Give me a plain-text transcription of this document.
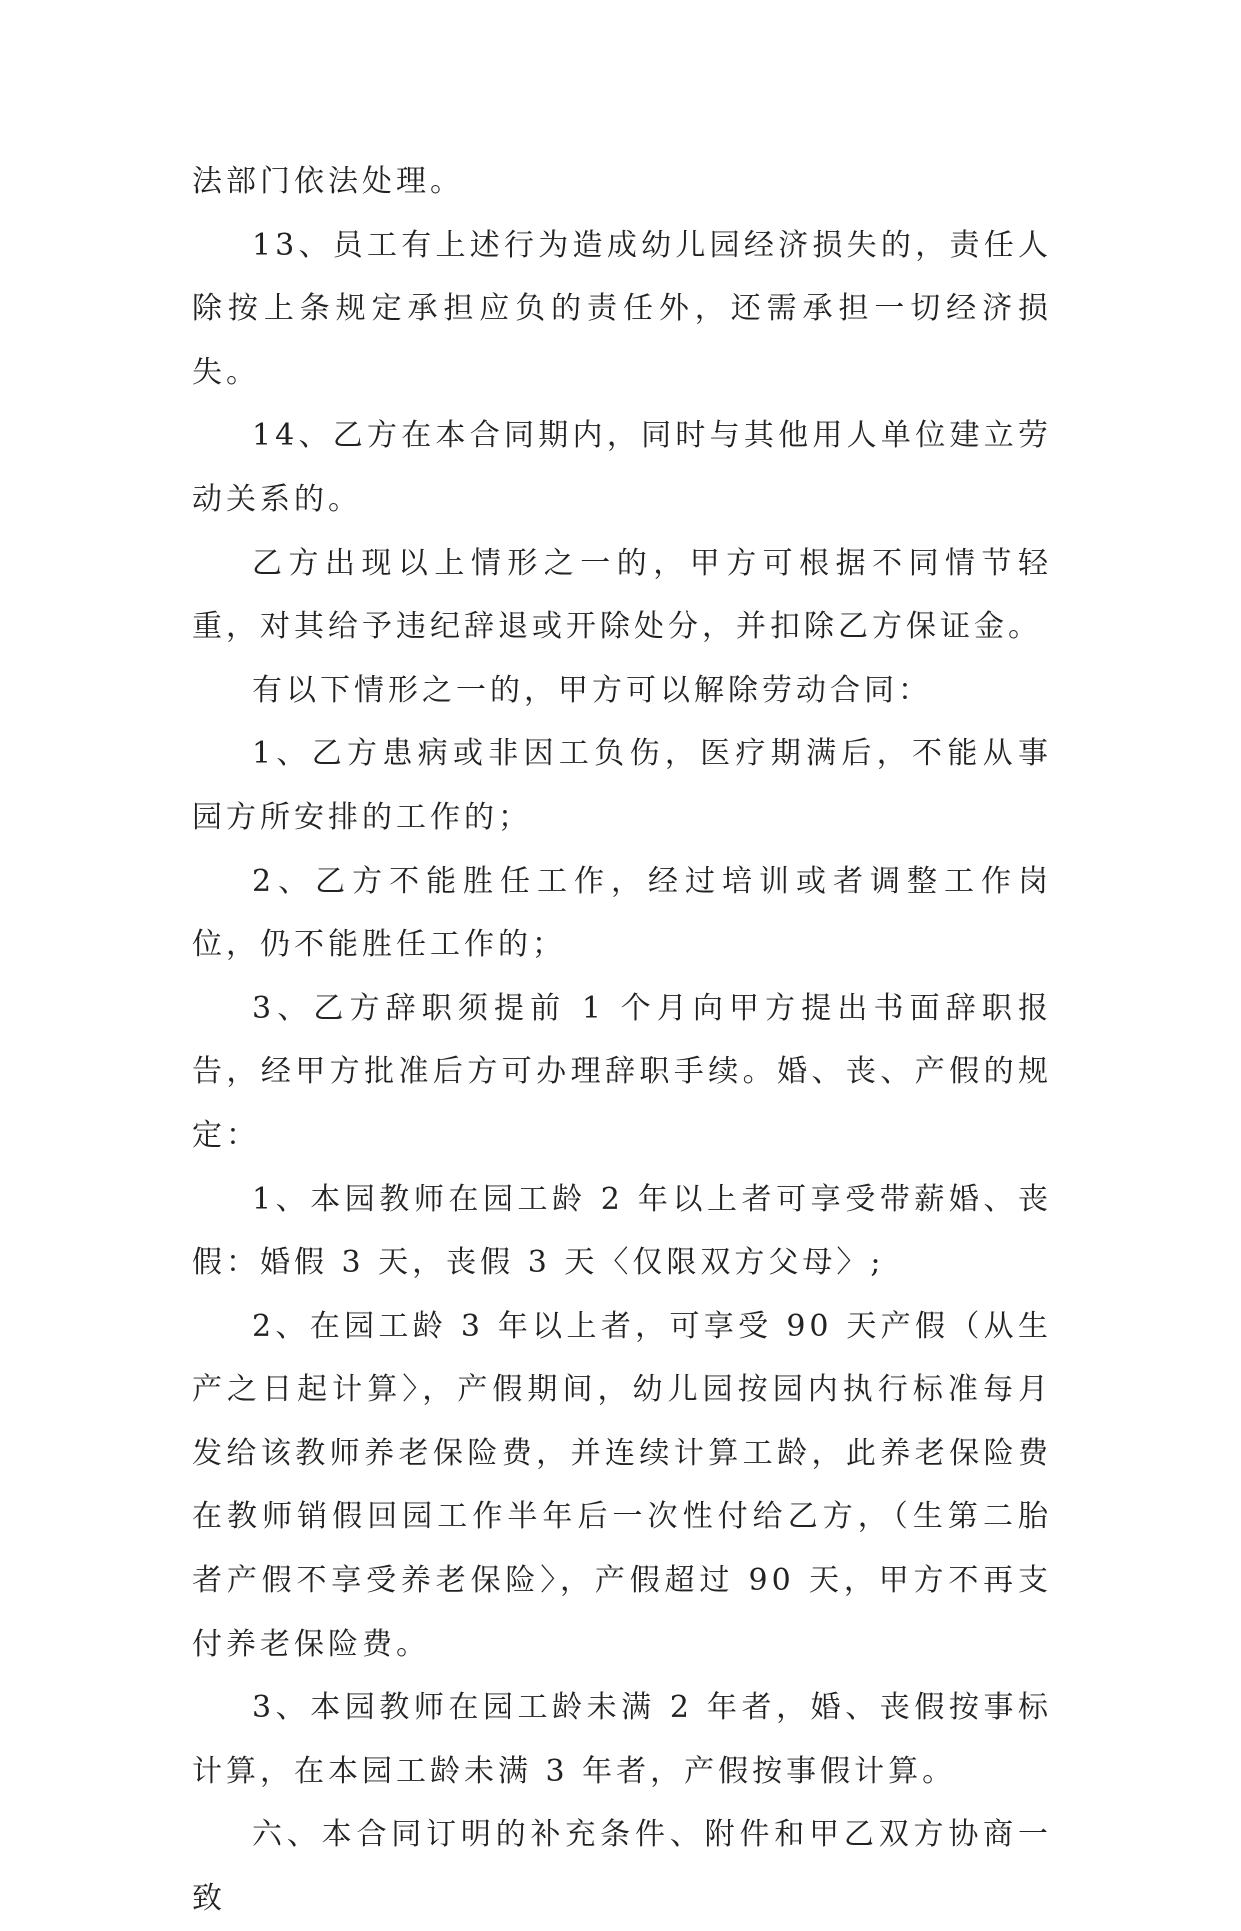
法部门依法处理。

13、员工有上述行为造成幼儿园经济损失的，责任人除按上条规定承担应负的责任外，还需承担一切经济损失。

14、乙方在本合同期内，同时与其他用人单位建立劳动关系的。

乙方出现以上情形之一的，甲方可根据不同情节轻重，对其给予违纪辞退或开除处分，并扣除乙方保证金。

有以下情形之一的，甲方可以解除劳动合同：

1、乙方患病或非因工负伤，医疗期满后，不能从事园方所安排的工作的；

2、乙方不能胜任工作，经过培训或者调整工作岗位，仍不能胜任工作的；

3、乙方辞职须提前 1 个月向甲方提出书面辞职报告，经甲方批准后方可办理辞职手续。婚、丧、产假的规定：

1、本园教师在园工龄 2 年以上者可享受带薪婚、丧假：婚假 3 天，丧假 3 天〈仅限双方父母〉;

2、在园工龄 3 年以上者，可享受 90 天产假（从生产之日起计算〉，产假期间，幼儿园按园内执行标准每月发给该教师养老保险费，并连续计算工龄，此养老保险费在教师销假回园工作半年后一次性付给乙方，（生第二胎者产假不享受养老保险〉，产假超过 90 天，甲方不再支付养老保险费。

3、本园教师在园工龄未满 2 年者，婚、丧假按事标计算，在本园工龄未满 3 年者，产假按事假计算。

六、本合同订明的补充条件、附件和甲乙双方协商一致
